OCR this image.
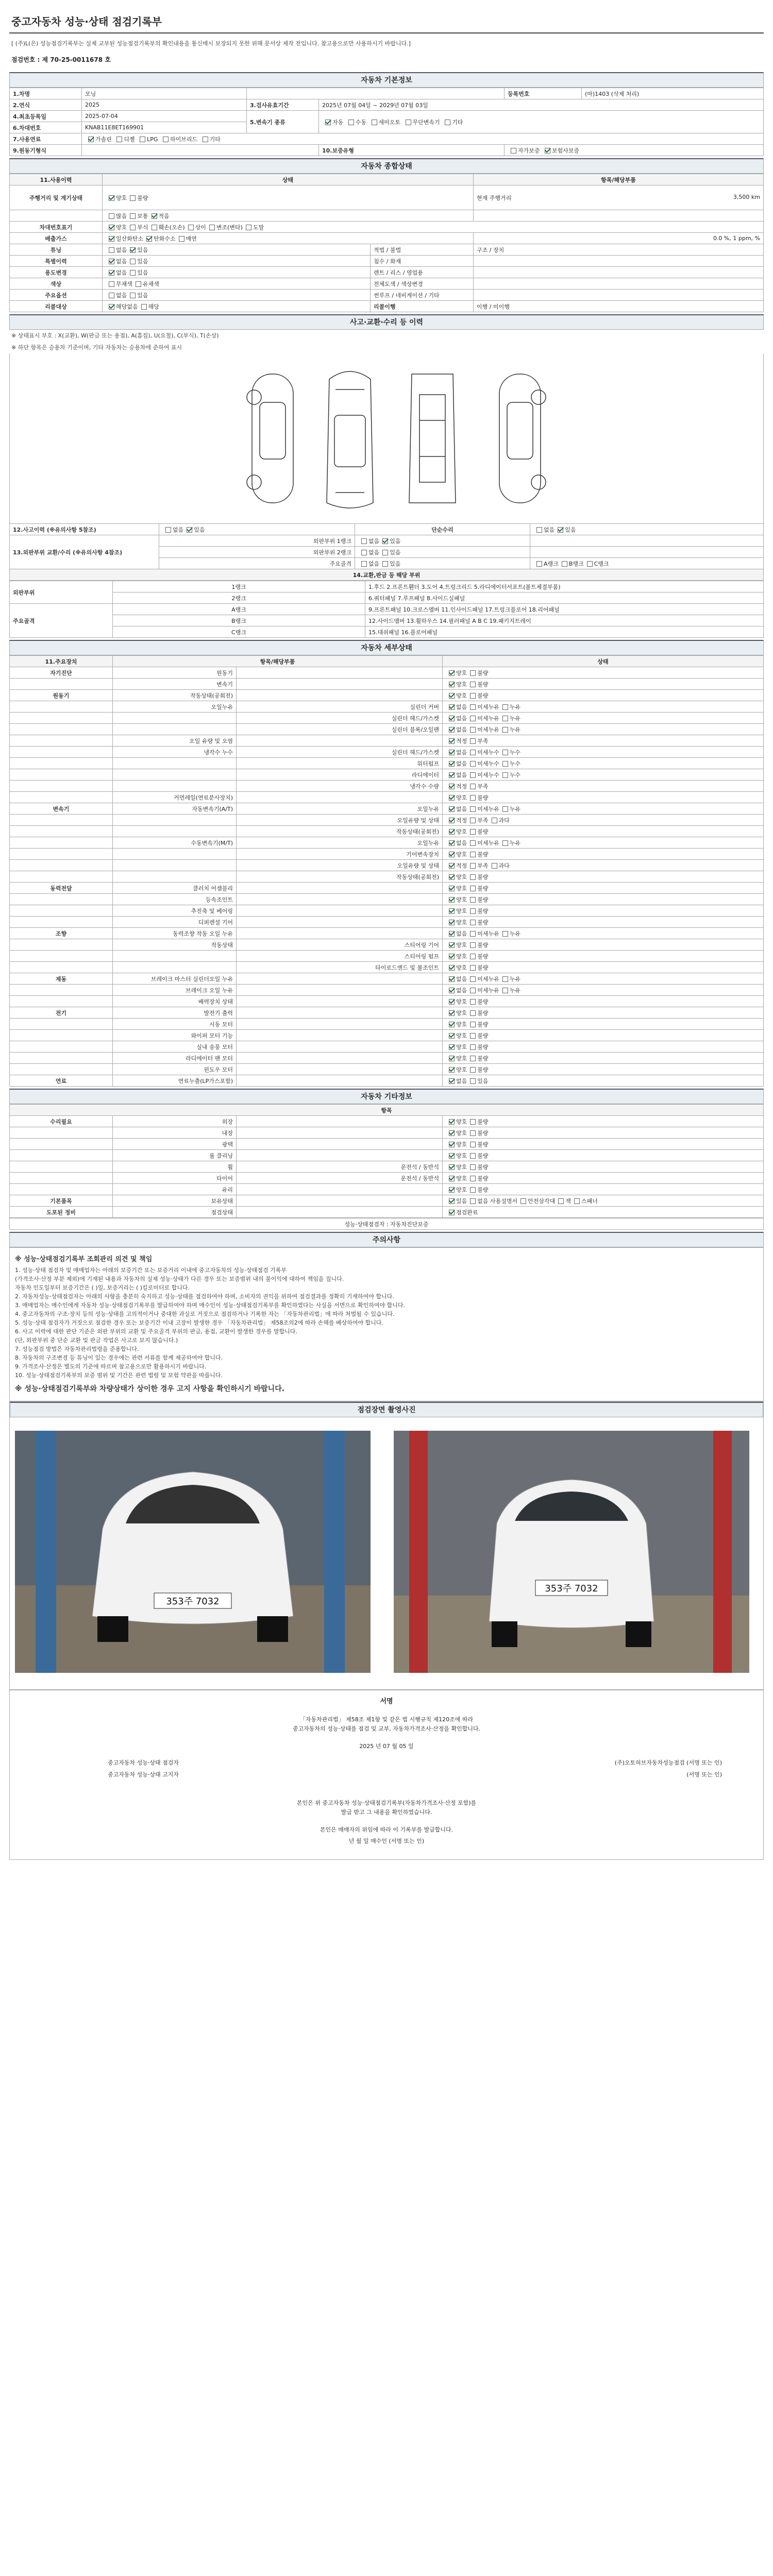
중고자동차 성능·상태 점검기록부
[ (주)L(은) 성능점검기록부는 실제 교부된 성능점검기록부의 확인내용을 통신매시 보장되지 못한 위해 문서상 제작 전입니다. 참고용으로만 사용하시기 바랍니다.]
점검번호 : 제 70-25-0011678 호
자동차 기본정보
1.차명	모닝			등록번호	(마)1403 (삭제 처리)
2.연식	2025	3.검사유효기간	2025년 07월 04일 ~ 2029년 07월 03일		
4.최초등록일	2025-07-04	5.변속기 종류	자동 수동 세미오토 무단변속기 기타		
6.차대번호	KNAB11E8ET169901				
7.사용연료	가솔린 디젤 LPG 하이브리드 기타				
9.원동기형식			10.보증유형	자가보증 보험사보증	
자동차 종합상태
11.사용이력	상태		항목/해당부품
주행거리 및 계기상태	양호 불량		현재 주행거리 3,500 km

	많음 보통 적음		
차대번호표기	양호 부식 훼손(오손) 상이 변조(변타) 도말		
배출가스	일산화탄소 탄화수소 매연		0.0 %, 1 ppm, %
튜닝	없음 있음	적법 / 불법	구조 / 장치
특별이력	없음 있음	침수 / 화재	
용도변경	없음 있음	렌트 / 리스 / 영업용	
색상	무채색 유채색	전체도색 / 색상변경	
주요옵션	없음 있음	썬루프 / 네비게이션 / 기타	
리콜대상	해당없음 해당	리콜이행	이행 / 미이행
사고·교환·수리 등 이력
※ 상태표시 부호 : X(교환), W(판금 또는 용접), A(흠집), U(요철), C(부식), T(손상)
※ 하단 항목은 승용차 기준이며, 기타 자동차는 승용차에 준하여 표시
12.사고이력 (※유의사항 5참조)	없음 있음	단순수리	없음 있음
13.외판부위 교환/수리 (※유의사항 4참조)	외판부위 1랭크	없음 있음	
	외판부위 2랭크	없음 있음	
	주요골격	없음 있음	A랭크 B랭크 C랭크
14.교환,판금 등 해당 부위			
외판부위	1랭크	1.후드 2.프론트휀더 3.도어 4.트렁크리드 5.라디에이터서포트(볼트체결부품)
	2랭크	6.쿼터패널 7.루프패널 8.사이드실패널
주요골격	A랭크	9.프론트패널 10.크로스멤버 11.인사이드패널 17.트렁크플로어 18.리어패널
	B랭크	12.사이드멤버 13.휠하우스 14.필러패널 A B C 19.패키지트레이
	C랭크	15.대쉬패널 16.플로어패널
자동차 세부상태
11.주요장치	항목/해당부품		상태
자기진단	원동기		양호 불량
	변속기		양호 불량
원동기	작동상태(공회전)		양호 불량
	오일누유	실린더 커버	없음 미세누유 누유
		실린더 헤드/가스켓	없음 미세누유 누유
		실린더 블록/오일팬	없음 미세누유 누유
	오일 유량 및 오염		적정 부족
	냉각수 누수	실린더 헤드/가스켓	없음 미세누수 누수
		워터펌프	없음 미세누수 누수
		라디에이터	없음 미세누수 누수
		냉각수 수량	적정 부족
	커먼레일(연료분사장치)		양호 불량
변속기	자동변속기(A/T)	오일누유	없음 미세누유 누유
		오일유량 및 상태	적정 부족 과다
		작동상태(공회전)	양호 불량
	수동변속기(M/T)	오일누유	없음 미세누유 누유
		기어변속장치	양호 불량
		오일유량 및 상태	적정 부족 과다
		작동상태(공회전)	양호 불량
동력전달	클러치 어셈블리		양호 불량
	등속조인트		양호 불량
	추진축 및 베어링		양호 불량
	디퍼렌셜 기어		양호 불량
조향	동력조향 작동 오일 누유		없음 미세누유 누유
	작동상태	스티어링 기어	양호 불량
		스티어링 펌프	양호 불량
		타이로드엔드 및 볼조인트	양호 불량
제동	브레이크 마스터 실린더오일 누유		없음 미세누유 누유
	브레이크 오일 누유		없음 미세누유 누유
	배력장치 상태		양호 불량
전기	발전기 출력		양호 불량
	시동 모터		양호 불량
	와이퍼 모터 기능		양호 불량
	실내 송풍 모터		양호 불량
	라디에이터 팬 모터		양호 불량
	윈도우 모터		양호 불량
연료	연료누출(LP가스포함)		없음 있음
자동차 기타정보
항목			
수리필요	외장		양호 불량
	내장		양호 불량
	광택		양호 불량
	룸 클리닝		양호 불량
	휠	운전석 / 동반석	양호 불량
	타이어	운전석 / 동반석	양호 불량
	유리		양호 불량
기본품목	보유상태		있음 없음 사용설명서 안전삼각대 잭 스패너
도포된 정비	점검상태		점검완료
성능·상태점검자 : 자동차진단보증
주의사항
※ 성능·상태점검기록부 조회관리 의견 및 책임
1. 성능·상태 점검자 및 매매업자는 아래의 보증기간 또는 보증거리 이내에 중고자동차의 성능·상태점검 기록부
(가격조사·산정 부분 제외)에 기재된 내용과 자동차의 실제 성능·상태가 다른 경우 또는 보증범위 내의 불이익에 대하여 책임을 집니다.
자동차 인도일부터 보증기간은 ( )일, 보증거리는 ( )킬로미터로 합니다.
2. 자동차성능·상태점검자는 아래의 사항을 충분히 숙지하고 성능·상태를 점검하여야 하며, 소비자의 권익을 위하여 점검결과를 정확히 기재하여야 합니다.
3. 매매업자는 매수인에게 자동차 성능·상태점검기록부를 발급하여야 하며 매수인이 성능·상태점검기록부를 확인하였다는 사실을 서면으로 확인하여야 합니다.
4. 중고자동차의 구조·장치 등의 성능·상태를 고의적이거나 중대한 과실로 거짓으로 점검하거나 기록한 자는 「자동차관리법」에 따라 처벌될 수 있습니다.
5. 성능·상태 점검자가 거짓으로 점검한 경우 또는 보증기간 이내 고장이 발생한 경우 「자동차관리법」 제58조의2에 따라 손해를 배상하여야 합니다.
6. 사고 이력에 대한 판단 기준은 외판 부위의 교환 및 주요골격 부위의 판금, 용접, 교환이 발생한 경우를 말합니다.
(단, 외판부위 중 단순 교환 및 판금 작업은 사고로 보지 않습니다.)
7. 성능점검 방법은 자동차관리법령을 준용합니다.
8. 자동차의 구조변경 등 튜닝이 있는 경우에는 관련 서류를 함께 제공하여야 합니다.
9. 가격조사·산정은 별도의 기준에 따르며 참고용으로만 활용하시기 바랍니다.
10. 성능·상태점검기록부의 보증 범위 및 기간은 관련 법령 및 보험 약관을 따릅니다.
※ 성능·상태점검기록부와 차량상태가 상이한 경우 고지 사항을 확인하시기 바랍니다.
점검장면 촬영사진
353주 7032
353주 7032
서명
「자동차관리법」 제58조 제1항 및 같은 법 시행규칙 제120조에 따라
중고자동차의 성능·상태를 점검 및 교부, 자동차가격조사·산정을 확인합니다.
2025 년 07 월 05 일
중고자동차 성능·상태 점검자	(주)오토허브자동차성능점검 (서명 또는 인)
중고자동차 성능·상태 고지자	(서명 또는 인)
본인은 위 중고자동차 성능·상태점검기록부(자동차가격조사·산정 포함)를
발급 받고 그 내용을 확인하였습니다.
본인은 매매자의 위임에 따라 이 기록부를 발급합니다.
년 월 일 매수인 (서명 또는 인)
